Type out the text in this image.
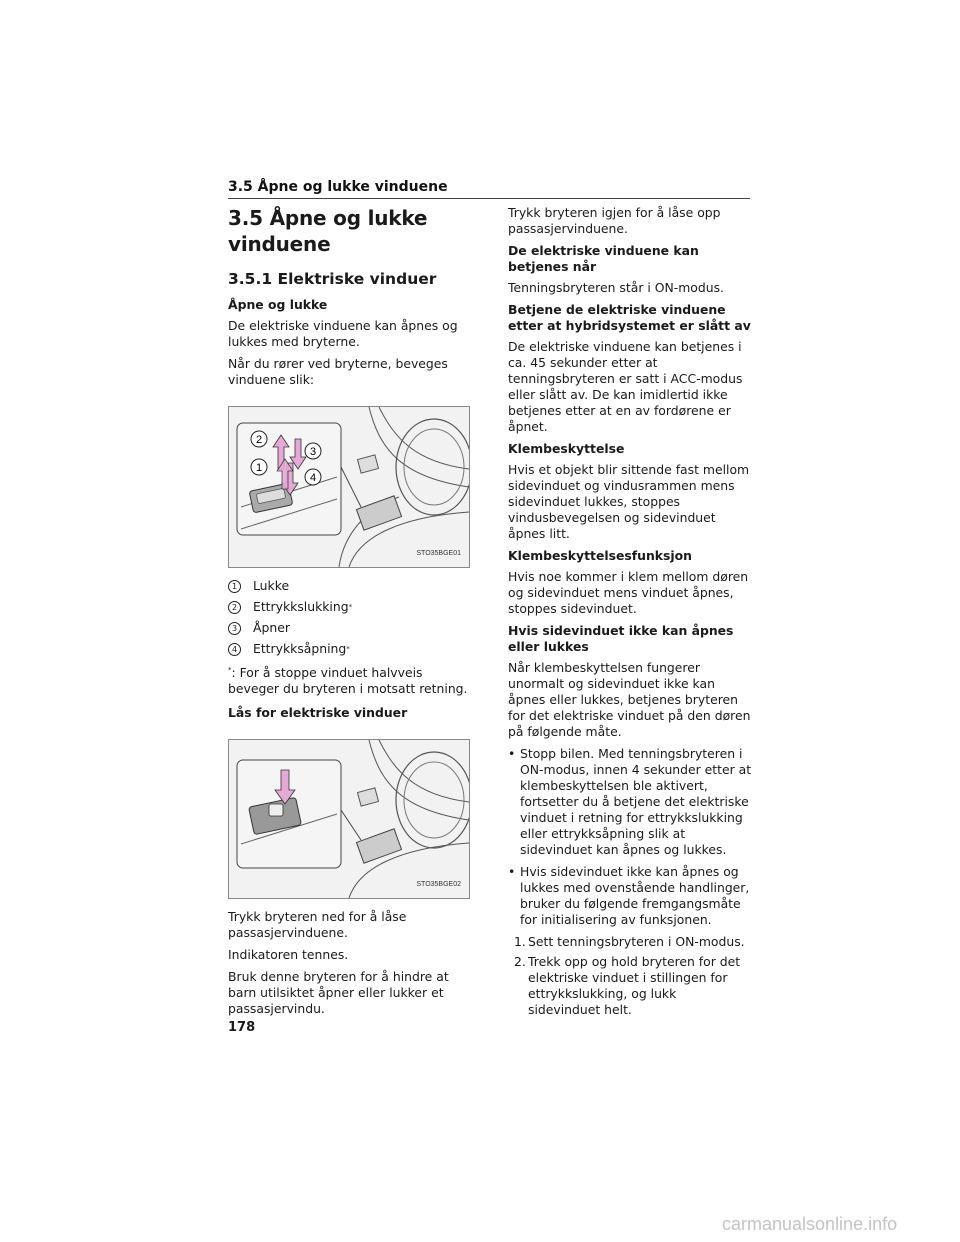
3.5 Åpne og lukke vinduene
3.5 Åpne og lukke vinduene
3.5.1 Elektriske vinduer
Åpne og lukke

De elektriske vinduene kan åpnes og lukkes med bryterne.

Når du rører ved bryterne, beveges vinduene slik:

2
3
1
4
STO35BGE01
1	Lukke
2	Ettrykkslukking *
3	Åpner
4	Ettrykksåpning *

*: For å stoppe vinduet halvveis beveger du bryteren i motsatt retning.

Lås for elektriske vinduer
STO35BGE02

Trykk bryteren ned for å låse passasjervinduene.

Indikatoren tennes.

Bruk denne bryteren for å hindre at barn utilsiktet åpner eller lukker et passasjervindu.

Trykk bryteren igjen for å låse opp passasjervinduene.

De elektriske vinduene kan betjenes når

Tenningsbryteren står i ON-modus.

Betjene de elektriske vinduene etter at hybridsystemet er slått av

De elektriske vinduene kan betjenes i ca. 45 sekunder etter at tenningsbryteren er satt i ACC-modus eller slått av. De kan imidlertid ikke betjenes etter at en av fordørene er åpnet.

Klembeskyttelse

Hvis et objekt blir sittende fast mellom sidevinduet og vindusrammen mens sidevinduet lukkes, stoppes vindusbevegelsen og sidevinduet åpnes litt.

Klembeskyttelsesfunksjon

Hvis noe kommer i klem mellom døren og sidevinduet mens vinduet åpnes, stoppes sidevinduet.

Hvis sidevinduet ikke kan åpnes eller lukkes

Når klembeskyttelsen fungerer unormalt og sidevinduet ikke kan åpnes eller lukkes, betjenes bryteren for det elektriske vinduet på den døren på følgende måte.

• Stopp bilen. Med tenningsbryteren i ON-modus, innen 4 sekunder etter at klembeskyttelsen ble aktivert, fortsetter du å betjene det elektriske vinduet i retning for ettrykkslukking eller ettrykksåpning slik at sidevinduet kan åpnes og lukkes.
• Hvis sidevinduet ikke kan åpnes og lukkes med ovenstående handlinger, bruker du følgende fremgangsmåte for initialisering av funksjonen.
1. Sett tenningsbryteren i ON-modus.
2. Trekk opp og hold bryteren for det elektriske vinduet i stillingen for ettrykkslukking, og lukk sidevinduet helt.
178
carmanualsonline.info
